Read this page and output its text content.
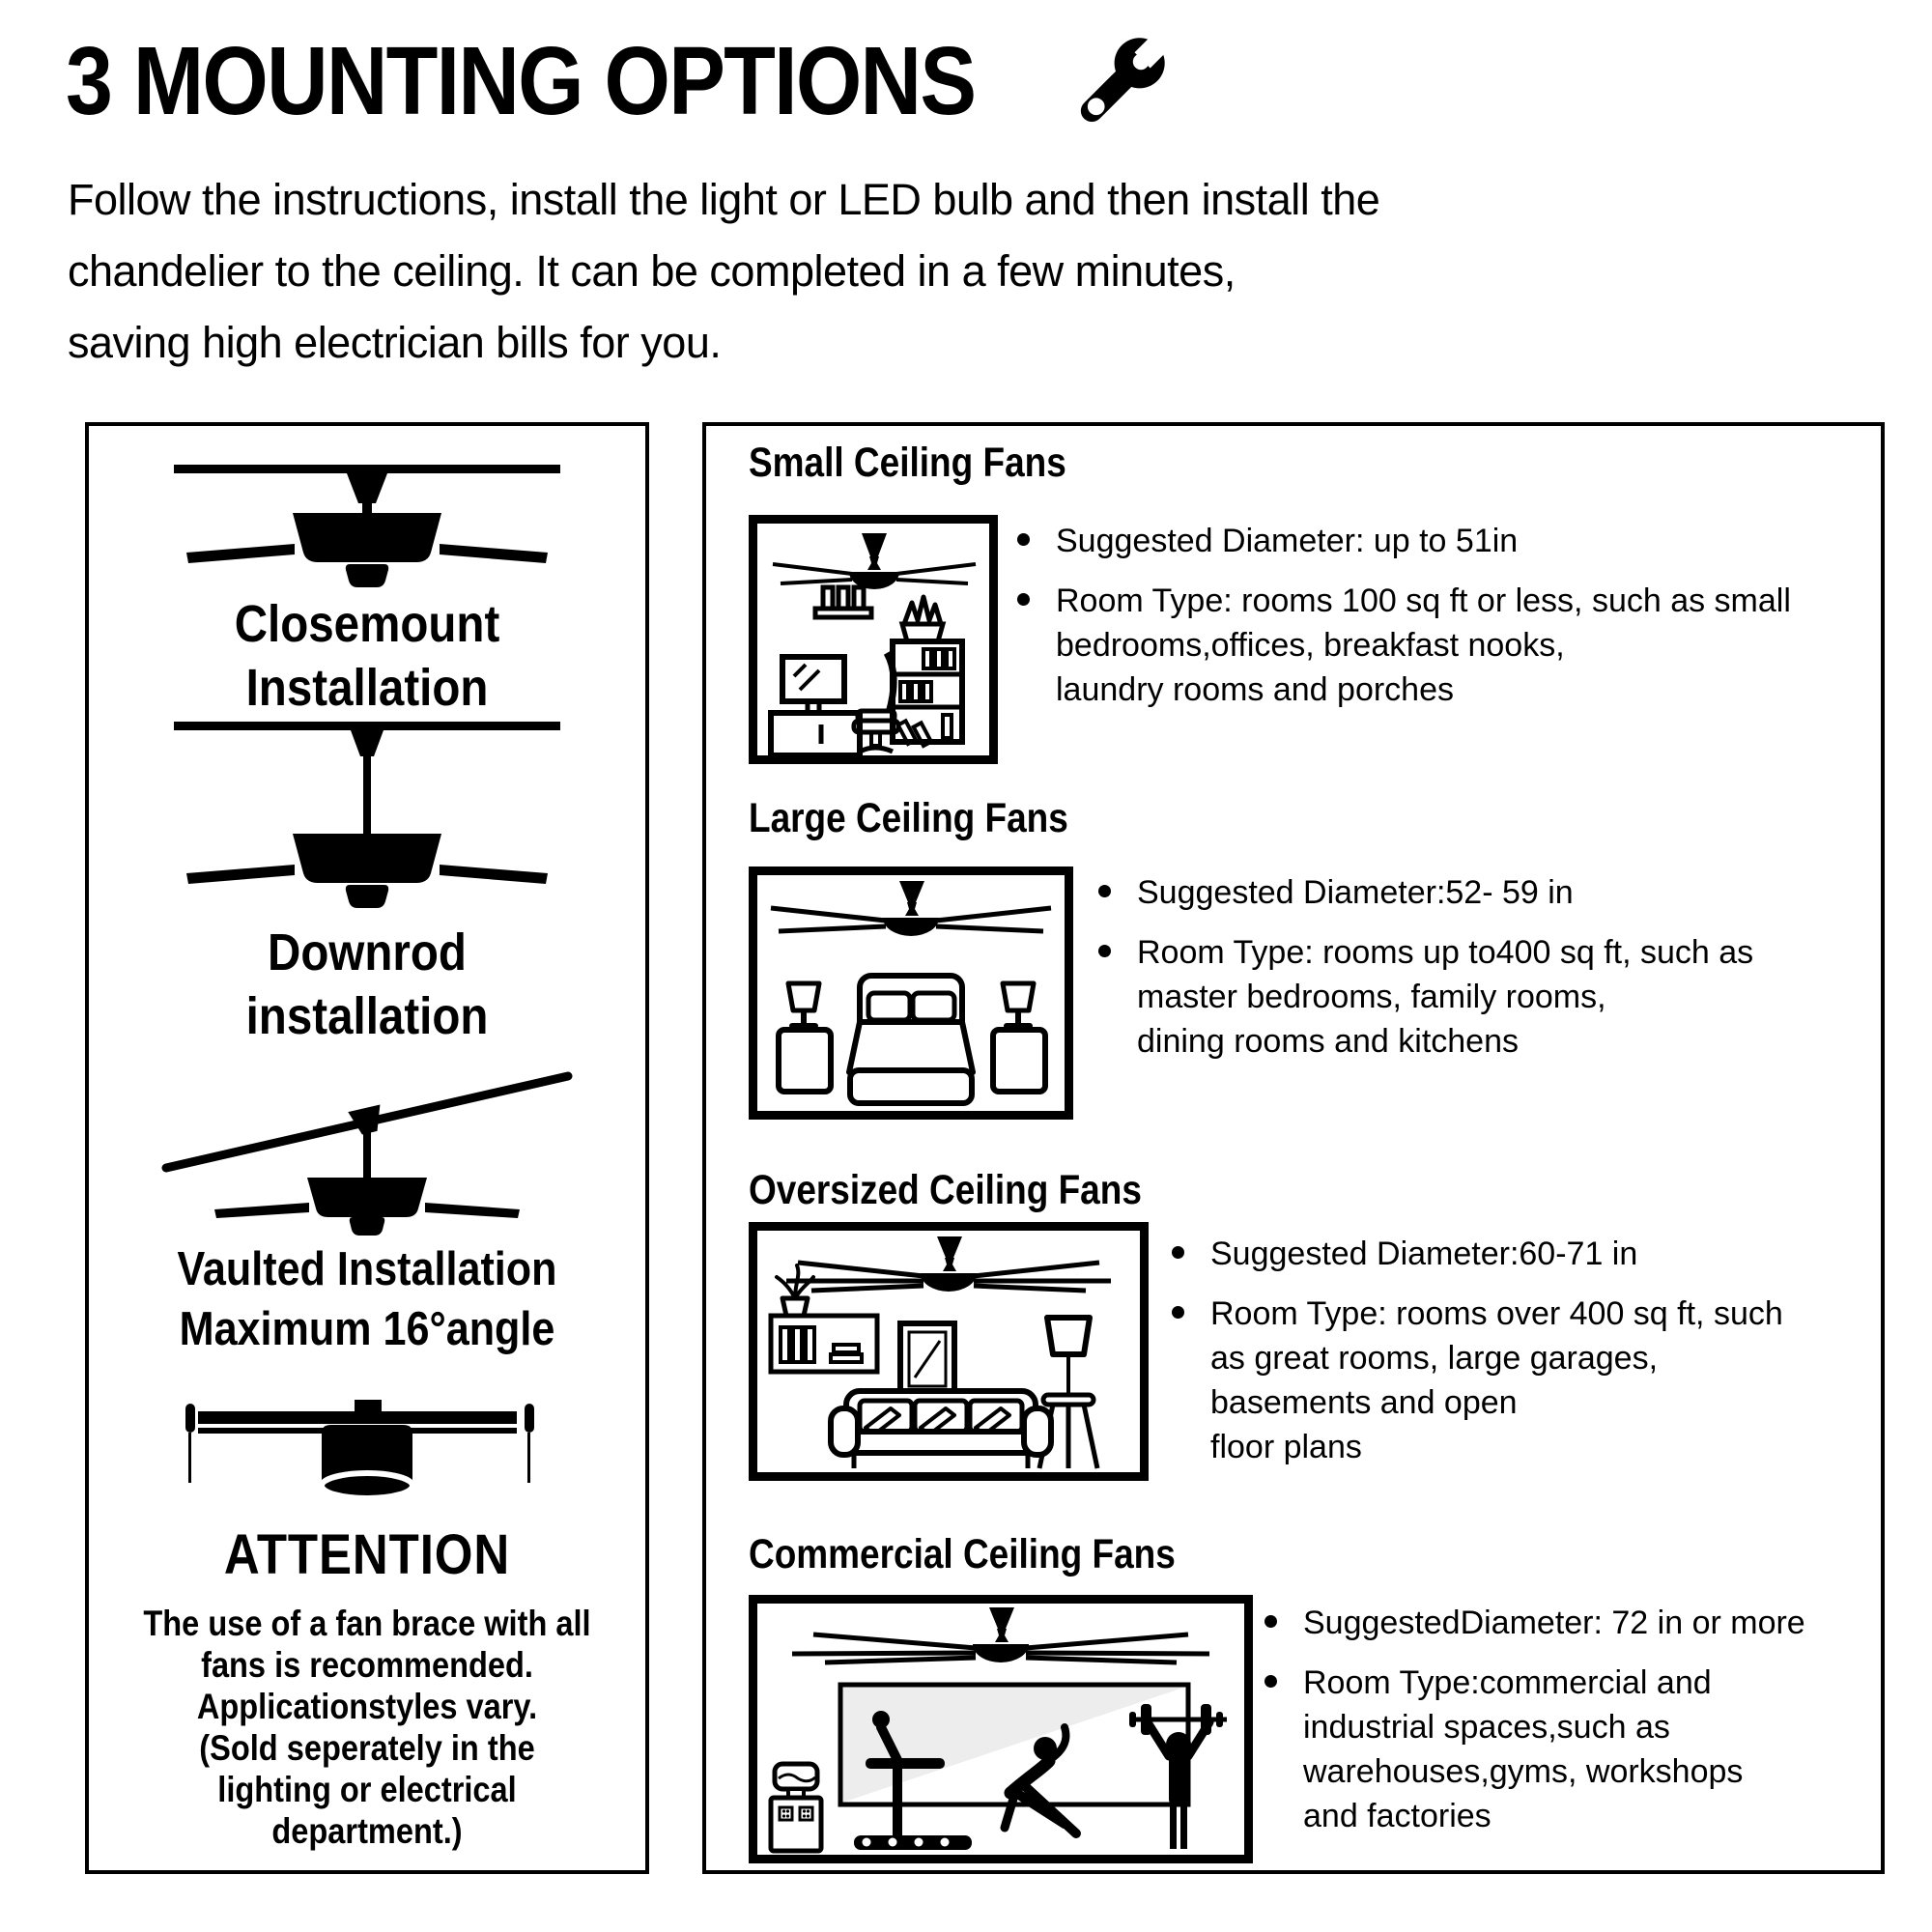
3 MOUNTING OPTIONS
Follow the instructions, install the light or LED bulb and then install the
chandelier to the ceiling. It can be completed in a few minutes,
saving high electrician bills for you.
Closemount
Installation
Downrod
installation
Vaulted Installation
Maximum 16°angle
ATTENTION
The use of a fan brace with all
fans is recommended.
Applicationstyles vary.
(Sold seperately in the
lighting or electrical
department.)
Small Ceiling Fans
Suggested Diameter: up to 51in
Room Type: rooms 100 sq ft or less, such as small
bedrooms,offices, breakfast nooks,
laundry rooms and porches
Large Ceiling Fans
Suggested Diameter:52- 59 in
Room Type: rooms up to400 sq ft, such as
master bedrooms, family rooms,
dining rooms and kitchens
Oversized Ceiling Fans
Suggested Diameter:60-71 in
Room Type: rooms over 400 sq ft, such
as great rooms, large garages,
basements and open
floor plans
Commercial Ceiling Fans
SuggestedDiameter: 72 in or more
Room Type:commercial and
industrial spaces,such as
warehouses,gyms, workshops
and factories
